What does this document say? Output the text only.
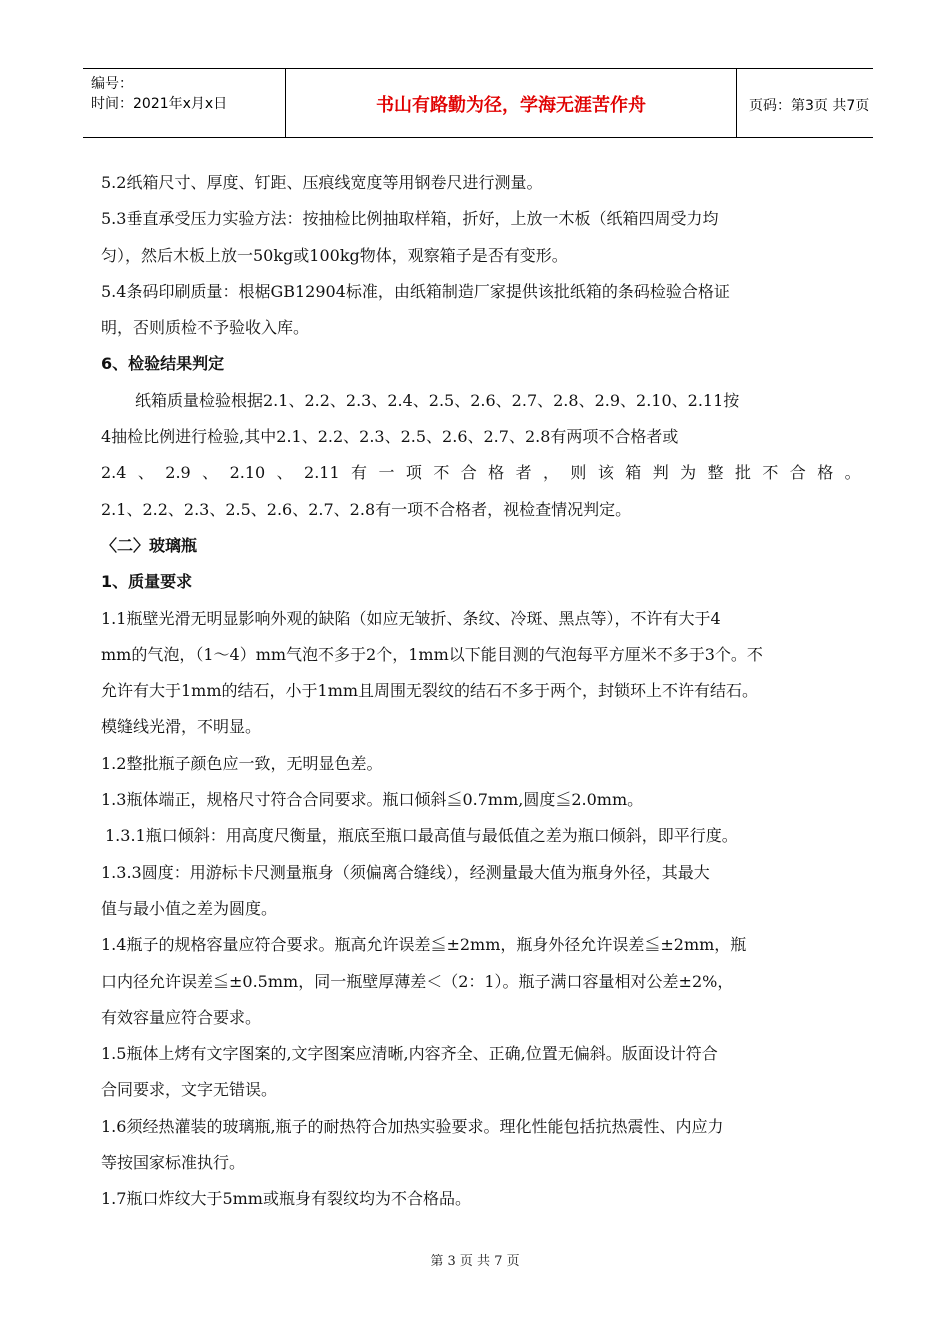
编号：
时间：2021年x月x日	书山有路勤为径，学海无涯苦作舟	页码：第3页 共7页
5.2纸箱尺寸、厚度、钉距、压痕线宽度等用钢卷尺进行测量。
5.3垂直承受压力实验方法：按抽检比例抽取样箱，折好，上放一木板（纸箱四周受力均
匀），然后木板上放一50kg或100kg物体，观察箱子是否有变形。
5.4条码印刷质量：根椐GB12904标准，由纸箱制造厂家提供该批纸箱的条码检验合格证
明，否则质检不予验收入库。
6、检验结果判定
纸箱质量检验根据2.1、2.2、2.3、2.4、2.5、2.6、2.7、2.8、2.9、2.10、2.11按
4抽检比例进行检验,其中2.1、2.2、2.3、2.5、2.6、2.7、2.8有两项不合格者或
2.4 、 2.9 、 2.10 、 2.11 有 一 项 不 合 格 者 ， 则 该 箱 判 为 整 批 不 合 格 。
2.1、2.2、2.3、2.5、2.6、2.7、2.8有一项不合格者，视检查情况判定。
〈二〉玻璃瓶
1、质量要求
1.1瓶壁光滑无明显影响外观的缺陷（如应无皱折、条纹、冷斑、黑点等），不许有大于4
mm的气泡，（1～4）mm气泡不多于2个，1mm以下能目测的气泡每平方厘米不多于3个。不
允许有大于1mm的结石，小于1mm且周围无裂纹的结石不多于两个，封锁环上不许有结石。
模缝线光滑，不明显。
1.2整批瓶子颜色应一致，无明显色差。
1.3瓶体端正，规格尺寸符合合同要求。瓶口倾斜≦0.7mm,圆度≦2.0mm。
1.3.1瓶口倾斜：用高度尺衡量，瓶底至瓶口最高值与最低值之差为瓶口倾斜，即平行度。
1.3.3圆度：用游标卡尺测量瓶身（须偏离合缝线），经测量最大值为瓶身外径，其最大
值与最小值之差为圆度。
1.4瓶子的规格容量应符合要求。瓶高允许误差≦±2mm，瓶身外径允许误差≦±2mm，瓶
口内径允许误差≦±0.5mm，同一瓶壁厚薄差＜（2：1）。瓶子满口容量相对公差±2%，
有效容量应符合要求。
1.5瓶体上烤有文字图案的,文字图案应清晰,内容齐全、正确,位置无偏斜。版面设计符合
合同要求，文字无错误。
1.6须经热灌装的玻璃瓶,瓶子的耐热符合加热实验要求。理化性能包括抗热震性、内应力
等按国家标准执行。
1.7瓶口炸纹大于5mm或瓶身有裂纹均为不合格品。
第 3 页 共 7 页
